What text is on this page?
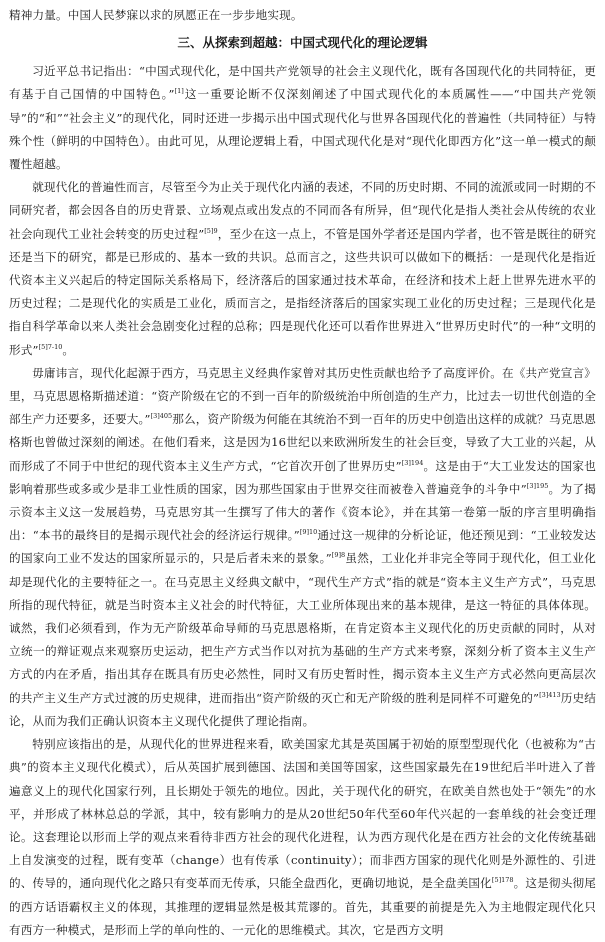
精神力量。中国人民梦寐以求的夙愿正在一步步地实现。

三、从探索到超越：中国式现代化的理论逻辑

习近平总书记指出：“中国式现代化，是中国共产党领导的社会主义现代化，既有各国现代化的共同特征，更有基于自己国情的中国特色。”[1]这一重要论断不仅深刻阐述了中国式现代化的本质属性——“中国共产党领导”的“和”“社会主义”的现代化，同时还进一步揭示出中国式现代化与世界各国现代化的普遍性（共同特征）与特殊个性（鲜明的中国特色）。由此可见，从理论逻辑上看，中国式现代化是对“现代化即西方化”这一单一模式的颠覆性超越。

就现代化的普遍性而言，尽管至今为止关于现代化内涵的表述，不同的历史时期、不同的流派或同一时期的不同研究者，都会因各自的历史背景、立场观点或出发点的不同而各有所异，但“现代化是指人类社会从传统的农业社会向现代工业社会转变的历史过程”$^{[5]9}$，至少在这一点上，不管是国外学者还是国内学者，也不管是既往的研究还是当下的研究，都是已形成的、基本一致的共识。总而言之，这些共识可以做如下的概括：一是现代化是指近代资本主义兴起后的特定国际关系格局下，经济落后的国家通过技术革命，在经济和技术上赶上世界先进水平的历史过程；二是现代化的实质是工业化，质而言之，是指经济落后的国家实现工业化的历史过程；三是现代化是指自科学革命以来人类社会急剧变化过程的总称；四是现代化还可以看作世界进入“世界历史时代”的一种“文明的形式”$^{[5]7-10}$。

毋庸讳言，现代化起源于西方，马克思主义经典作家曾对其历史性贡献也给予了高度评价。在《共产党宣言》里，马克思恩格斯描述道：“资产阶级在它的不到一百年的阶级统治中所创造的生产力，比过去一切世代创造的全部生产力还要多，还要大。”$^{[3]405}$那么，资产阶级为何能在其统治不到一百年的历史中创造出这样的成就？马克思恩格斯也曾做过深刻的阐述。在他们看来，这是因为16世纪以来欧洲所发生的社会巨变，导致了大工业的兴起，从而形成了不同于中世纪的现代资本主义生产方式，“它首次开创了世界历史”$^{[3]194}$。这是由于“大工业发达的国家也影响着那些或多或少是非工业性质的国家，因为那些国家由于世界交往而被卷入普遍竞争的斗争中”$^{[3]195}$。为了揭示资本主义这一发展趋势，马克思穷其一生撰写了伟大的著作《资本论》，并在其第一卷第一版的序言里明确指出：“本书的最终目的是揭示现代社会的经济运行规律。”$^{[9]10}$通过这一规律的分析论证，他还预见到：“工业较发达的国家向工业不发达的国家所显示的，只是后者未来的景象。”$^{[9]8}$虽然，工业化并非完全等同于现代化，但工业化却是现代化的主要特征之一。在马克思主义经典文献中，“现代生产方式”指的就是“资本主义生产方式”，马克思所指的现代特征，就是当时资本主义社会的时代特征，大工业所体现出来的基本规律，是这一特征的具体体现。诚然，我们必须看到，作为无产阶级革命导师的马克思恩格斯，在肯定资本主义现代化的历史贡献的同时，从对立统一的辩证观点来观察历史运动，把生产方式当作以对抗为基础的生产方式来考察，深刻分析了资本主义生产方式的内在矛盾，指出其存在既具有历史必然性，同时又有历史暂时性，揭示资本主义生产方式必然向更高层次的共产主义生产方式过渡的历史规律，进而指出“资产阶级的灭亡和无产阶级的胜利是同样不可避免的”$^{[3]413}$历史结论，从而为我们正确认识资本主义现代化提供了理论指南。

特别应该指出的是，从现代化的世界进程来看，欧美国家尤其是英国属于初始的原型型现代化（也被称为“古典”的资本主义现代化模式），后从英国扩展到德国、法国和美国等国家，这些国家最先在19世纪后半叶进入了普遍意义上的现代化国家行列，且长期处于领先的地位。因此，关于现代化的研究，在欧美自然也处于“领先”的水平，并形成了林林总总的学派，其中，较有影响力的是从20世纪50年代至60年代兴起的一套单线的社会变迁理论。这套理论以形而上学的观点来看待非西方社会的现代化进程，认为西方现代化是在西方社会的文化传统基础上自发演变的过程，既有变革（change）也有传承（continuity）；而非西方国家的现代化则是外源性的、引进的、传导的，通向现代化之路只有变革而无传承，只能全盘西化，更确切地说，是全盘美国化$^{[5]178}$。这是彻头彻尾的西方话语霸权主义的体现，其推理的逻辑显然是极其荒谬的。首先，其重要的前提是先入为主地假定现代化只有西方一种模式，是形而上学的单向性的、一元化的思维模式。其次，它是西方文明
